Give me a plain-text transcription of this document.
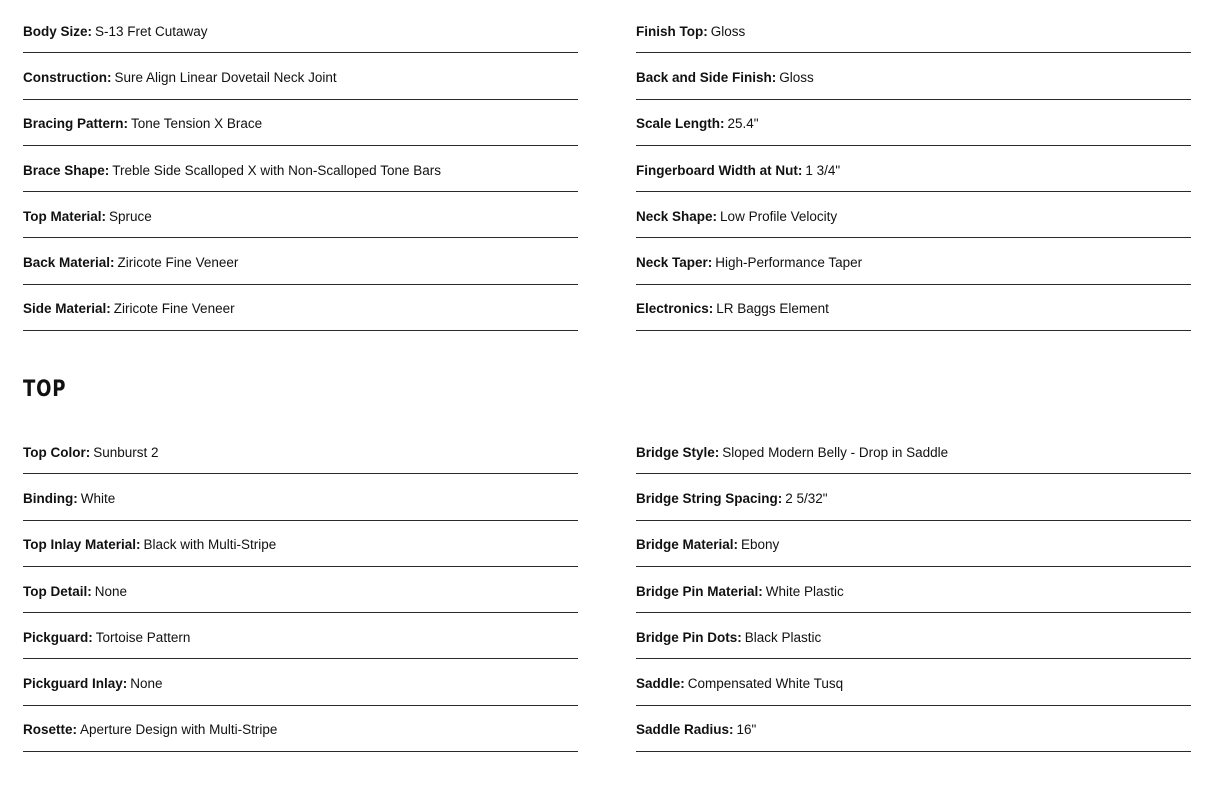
Body Size: S-13 Fret Cutaway
Construction: Sure Align Linear Dovetail Neck Joint
Bracing Pattern: Tone Tension X Brace
Brace Shape: Treble Side Scalloped X with Non-Scalloped Tone Bars
Top Material: Spruce
Back Material: Ziricote Fine Veneer
Side Material: Ziricote Fine Veneer
Finish Top: Gloss
Back and Side Finish: Gloss
Scale Length: 25.4"
Fingerboard Width at Nut: 1 3/4"
Neck Shape: Low Profile Velocity
Neck Taper: High-Performance Taper
Electronics: LR Baggs Element
TOP
Top Color: Sunburst 2
Binding: White
Top Inlay Material: Black with Multi-Stripe
Top Detail: None
Pickguard: Tortoise Pattern
Pickguard Inlay: None
Rosette: Aperture Design with Multi-Stripe
Bridge Style: Sloped Modern Belly - Drop in Saddle
Bridge String Spacing: 2 5/32"
Bridge Material: Ebony
Bridge Pin Material: White Plastic
Bridge Pin Dots: Black Plastic
Saddle: Compensated White Tusq
Saddle Radius: 16"
